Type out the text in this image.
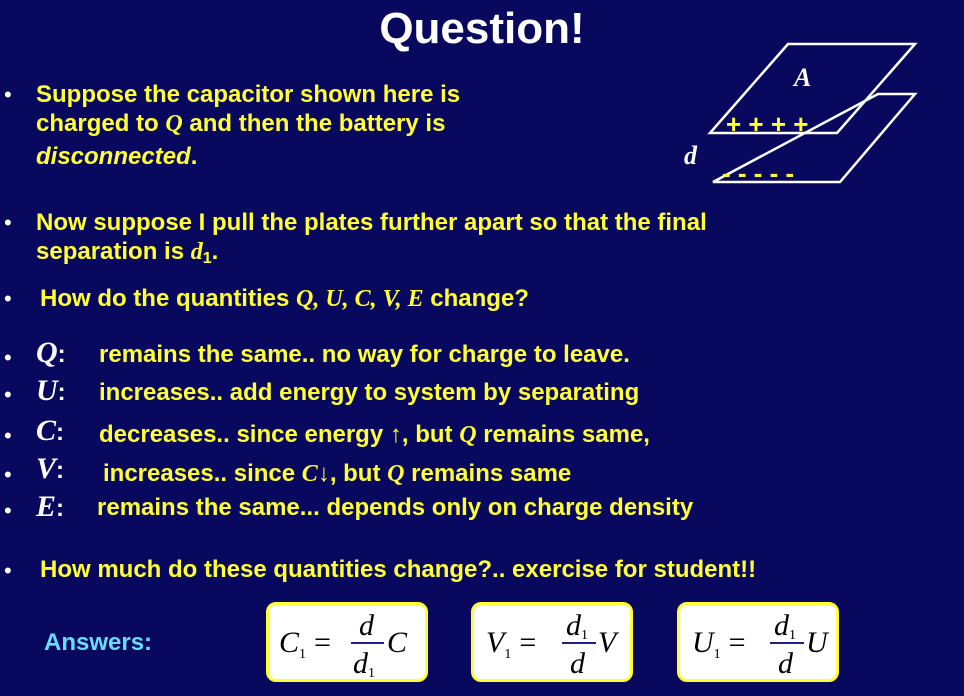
Question!
A
d
+ + + +
- - - - -
• Suppose the capacitor shown here is
charged to Q and then the battery is
disconnected.
• Now suppose I pull the plates further apart so that the final
separation is $d_1$.
• How do the quantities Q, U, C, V, E change?
• Q: remains the same.. no way for charge to leave.
• U: increases.. add energy to system by separating
• C: decreases.. since energy ↑, but Q remains same,
• V: increases.. since C↓, but Q remains same
• E: remains the same... depends only on charge density
• How much do these quantities change?.. exercise for student!!
Answers:	$C_1$ =
d
d1
C	$V_1$ =
d1
d
V	$U_1$ =
d1
d
U
